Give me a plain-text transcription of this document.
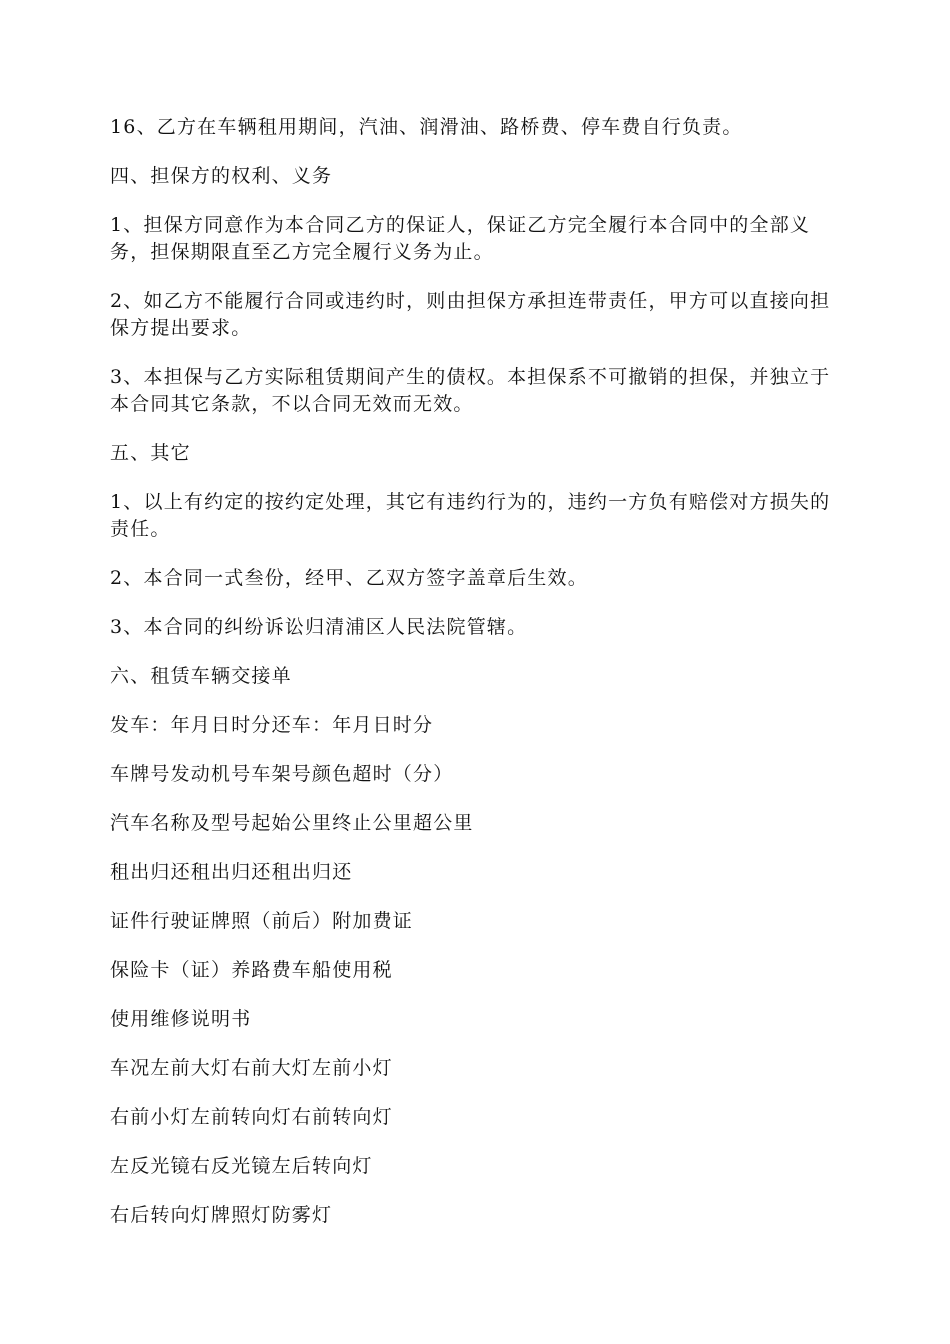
16、乙方在车辆租用期间，汽油、润滑油、路桥费、停车费自行负责。

四、担保方的权利、义务

1、担保方同意作为本合同乙方的保证人，保证乙方完全履行本合同中的全部义务，担保期限直至乙方完全履行义务为止。

2、如乙方不能履行合同或违约时，则由担保方承担连带责任，甲方可以直接向担保方提出要求。

3、本担保与乙方实际租赁期间产生的债权。本担保系不可撤销的担保，并独立于本合同其它条款，不以合同无效而无效。

五、其它

1、以上有约定的按约定处理，其它有违约行为的，违约一方负有赔偿对方损失的责任。

2、本合同一式叁份，经甲、乙双方签字盖章后生效。

3、本合同的纠纷诉讼归清浦区人民法院管辖。

六、租赁车辆交接单

发车：年月日时分还车：年月日时分

车牌号发动机号车架号颜色超时（分）

汽车名称及型号起始公里终止公里超公里

租出归还租出归还租出归还

证件行驶证牌照（前后）附加费证

保险卡（证）养路费车船使用税

使用维修说明书

车况左前大灯右前大灯左前小灯

右前小灯左前转向灯右前转向灯

左反光镜右反光镜左后转向灯

右后转向灯牌照灯防雾灯
